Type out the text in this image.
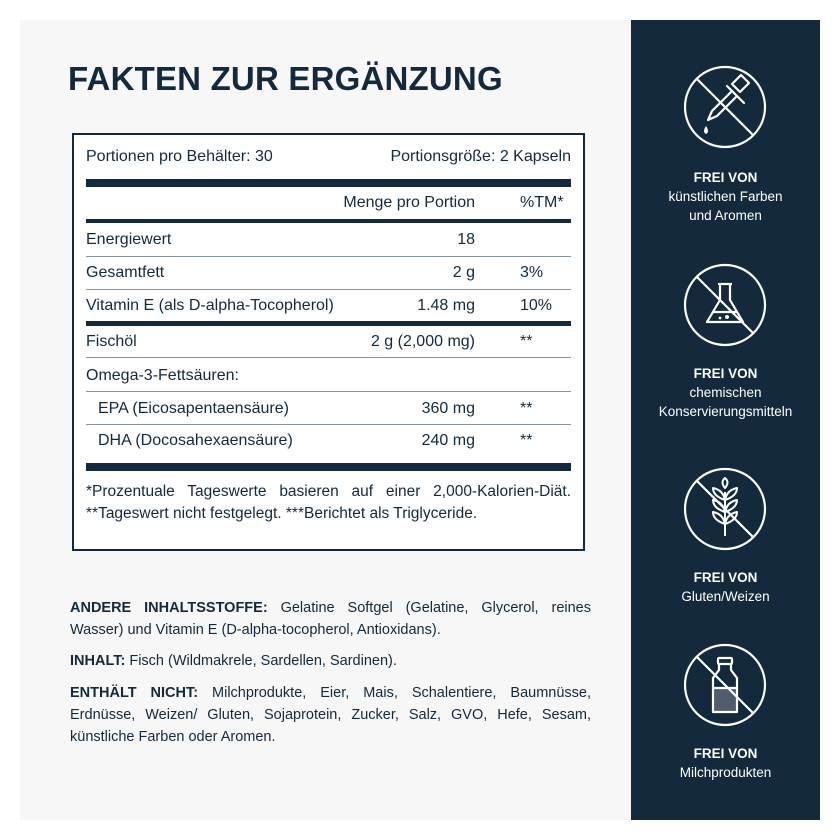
FAKTEN ZUR ERGÄNZUNG
Portionen pro Behälter: 30	Portionsgröße: 2 Kapseln
Menge pro Portion	%TM*
Energiewert	18
Gesamtfett	2 g	3%
Vitamin E (als D-alpha-Tocopherol)	1.48 mg	10%
Fischöl	2 g (2,000 mg)	**
Omega-3-Fettsäuren:
EPA (Eicosapentaensäure)	360 mg	**
DHA (Docosahexaensäure)	240 mg	**
*Prozentuale Tageswerte basieren auf einer 2,000-Kalorien-Diät. **Tageswert nicht festgelegt. ***Berichtet als Triglyceride.
ANDERE INHALTSSTOFFE: Gelatine Softgel (Gelatine, Glycerol, reines Wasser) und Vitamin E (D-alpha-tocopherol, Antioxidans).
INHALT: Fisch (Wildmakrele, Sardellen, Sardinen).
ENTHÄLT NICHT: Milchprodukte, Eier, Mais, Schalentiere, Baumnüsse, Erdnüsse, Weizen/ Gluten, Sojaprotein, Zucker, Salz, GVO, Hefe, Sesam, künstliche Farben oder Aromen.
FREI VON
künstlichen Farben
und Aromen
FREI VON
chemischen
Konservierungsmitteln
FREI VON
Gluten/Weizen
FREI VON
Milchprodukten
